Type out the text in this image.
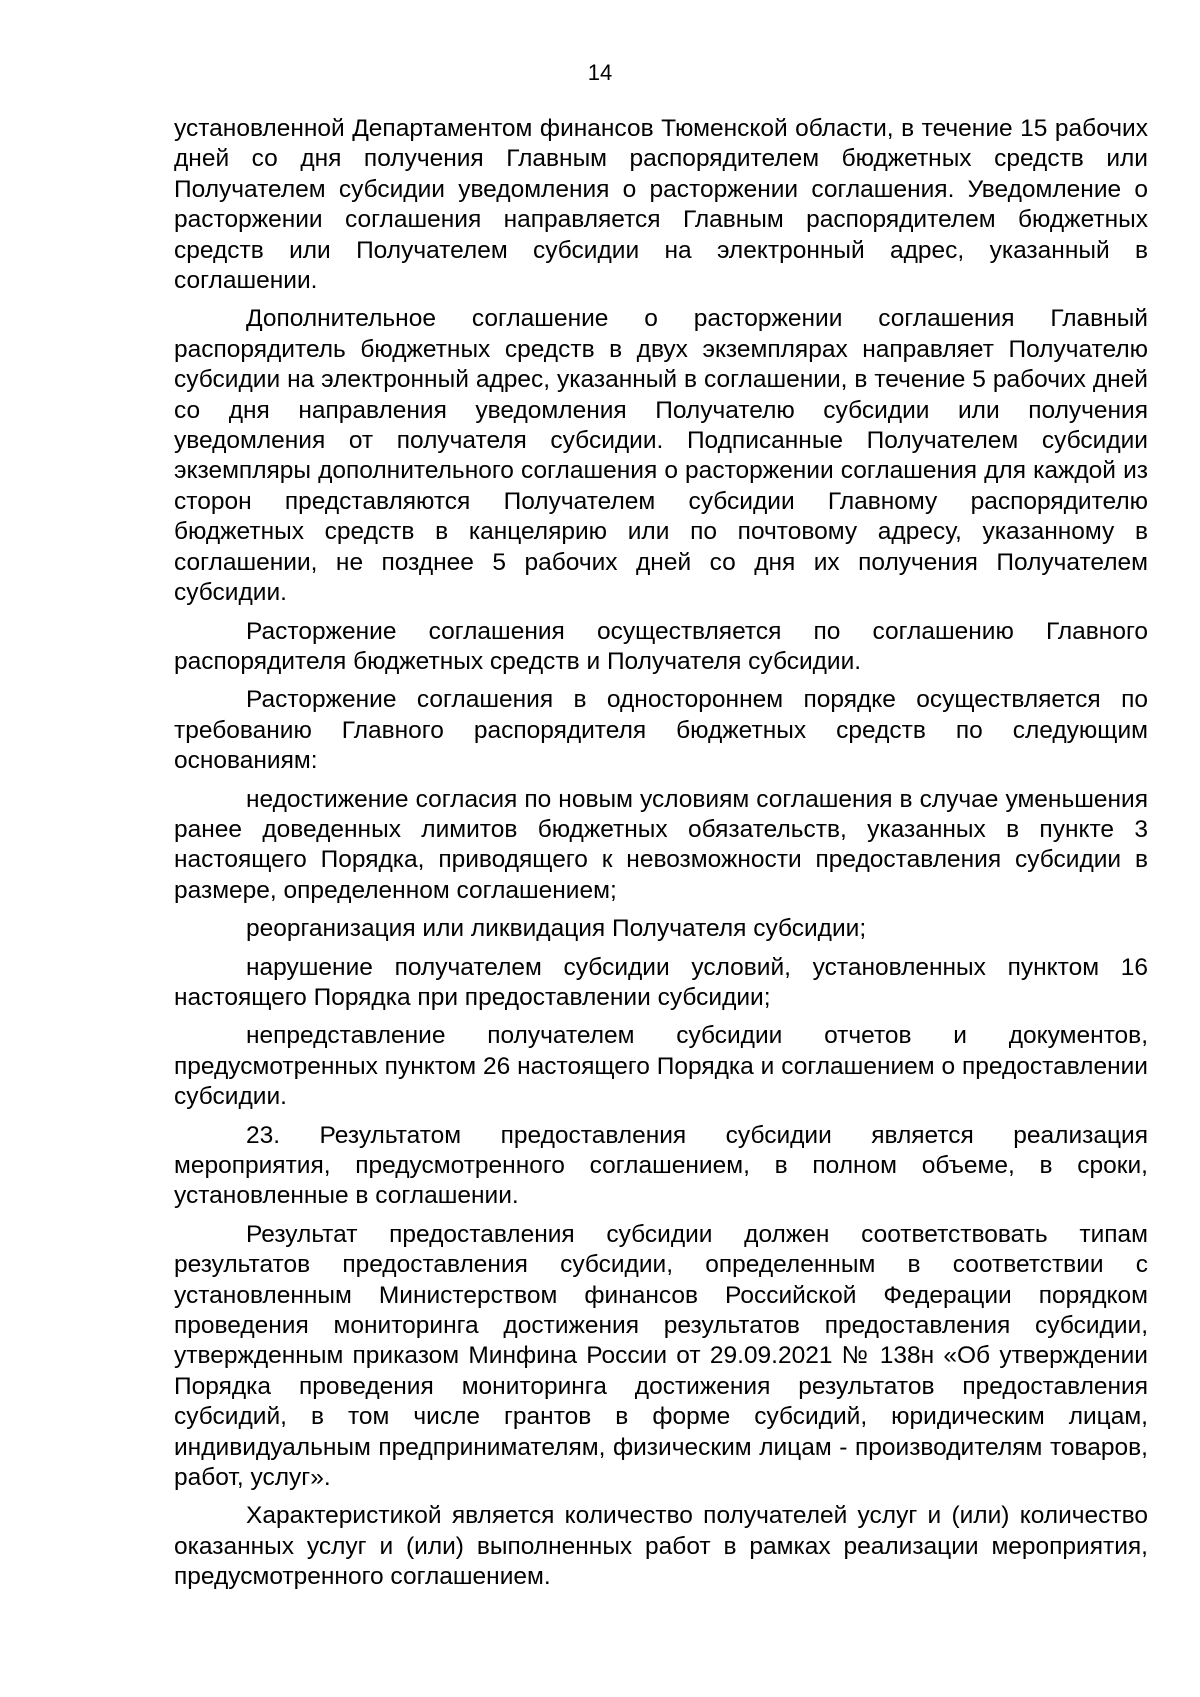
14

установленной Департаментом финансов Тюменской области, в течение 15 рабочих дней со дня получения Главным распорядителем бюджетных средств или Получателем субсидии уведомления о расторжении соглашения. Уведомление о расторжении соглашения направляется Главным распорядителем бюджетных средств или Получателем субсидии на электронный адрес, указанный в соглашении.

Дополнительное соглашение о расторжении соглашения Главный распорядитель бюджетных средств в двух экземплярах направляет Получателю субсидии на электронный адрес, указанный в соглашении, в течение 5 рабочих дней со дня направления уведомления Получателю субсидии или получения уведомления от получателя субсидии. Подписанные Получателем субсидии экземпляры дополнительного соглашения о расторжении соглашения для каждой из сторон представляются Получателем субсидии Главному распорядителю бюджетных средств в канцелярию или по почтовому адресу, указанному в соглашении, не позднее 5 рабочих дней со дня их получения Получателем субсидии.

Расторжение соглашения осуществляется по соглашению Главного распорядителя бюджетных средств и Получателя субсидии.

Расторжение соглашения в одностороннем порядке осуществляется по требованию Главного распорядителя бюджетных средств по следующим основаниям:

недостижение согласия по новым условиям соглашения в случае уменьшения ранее доведенных лимитов бюджетных обязательств, указанных в пункте 3 настоящего Порядка, приводящего к невозможности предоставления субсидии в размере, определенном соглашением;

реорганизация или ликвидация Получателя субсидии;

нарушение получателем субсидии условий, установленных пунктом 16 настоящего Порядка при предоставлении субсидии;

непредставление получателем субсидии отчетов и документов, предусмотренных пунктом 26 настоящего Порядка и соглашением о предоставлении субсидии.

23. Результатом предоставления субсидии является реализация мероприятия, предусмотренного соглашением, в полном объеме, в сроки, установленные в соглашении.

Результат предоставления субсидии должен соответствовать типам результатов предоставления субсидии, определенным в соответствии с установленным Министерством финансов Российской Федерации порядком проведения мониторинга достижения результатов предоставления субсидии, утвержденным приказом Минфина России от 29.09.2021 № 138н «Об утверждении Порядка проведения мониторинга достижения результатов предоставления субсидий, в том числе грантов в форме субсидий, юридическим лицам, индивидуальным предпринимателям, физическим лицам - производителям товаров, работ, услуг».

Характеристикой является количество получателей услуг и (или) количество оказанных услуг и (или) выполненных работ в рамках реализации мероприятия, предусмотренного соглашением.
